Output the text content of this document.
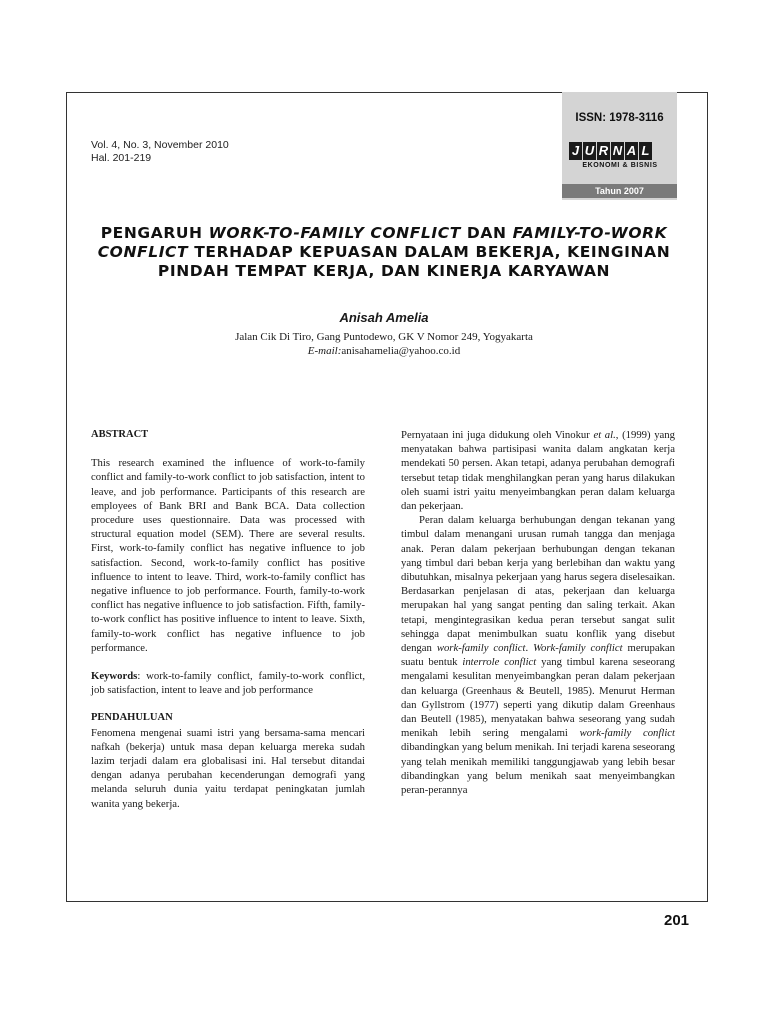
ISSN: 1978-3116
J U R N A L
EKONOMI & BISNIS
Tahun 2007
Vol. 4, No. 3, November 2010
Hal. 201-219
PENGARUH WORK-TO-FAMILY CONFLICT DAN FAMILY-TO-WORK CONFLICT TERHADAP KEPUASAN DALAM BEKERJA, KEINGINAN PINDAH TEMPAT KERJA, DAN KINERJA KARYAWAN
Anisah Amelia
Jalan Cik Di Tiro, Gang Puntodewo, GK V Nomor 249, Yogyakarta
E-mail:anisahamelia@yahoo.co.id

ABSTRACT

This research examined the influence of work-to-family conflict and family-to-work conflict to job satisfaction, intent to leave, and job performance. Participants of this research are employees of Bank BRI and Bank BCA. Data collection procedure uses questionnaire. Data was processed with structural equation model (SEM). There are several results. First, work-to-family conflict has negative influence to job satisfaction. Second, work-to-family conflict has positive influence to intent to leave. Third, work-to-family conflict has negative influence to job performance. Fourth, family-to-work conflict has negative influence to job satisfaction. Fifth, family-to-work conflict has positive influence to intent to leave. Sixth, family-to-work conflict has negative influence to job performance.

Keywords: work-to-family conflict, family-to-work conflict, job satisfaction, intent to leave and job performance

PENDAHULUAN

Fenomena mengenai suami istri yang bersama-sama mencari nafkah (bekerja) untuk masa depan keluarga mereka sudah lazim terjadi dalam era globalisasi ini. Hal tersebut ditandai dengan adanya perubahan kecenderungan demografi yang melanda seluruh dunia yaitu terdapat peningkatan jumlah wanita yang bekerja.

Pernyataan ini juga didukung oleh Vinokur et al., (1999) yang menyatakan bahwa partisipasi wanita dalam angkatan kerja mendekati 50 persen. Akan tetapi, adanya perubahan demografi tersebut tetap tidak menghilangkan peran yang harus dilakukan oleh suami istri yaitu menyeimbangkan peran dalam keluarga dan pekerjaan.

Peran dalam keluarga berhubungan dengan tekanan yang timbul dalam menangani urusan rumah tangga dan menjaga anak. Peran dalam pekerjaan berhubungan dengan tekanan yang timbul dari beban kerja yang berlebihan dan waktu yang dibutuhkan, misalnya pekerjaan yang harus segera diselesaikan. Berdasarkan penjelasan di atas, pekerjaan dan keluarga merupakan hal yang sangat penting dan saling terkait. Akan tetapi, mengintegrasikan kedua peran tersebut sangat sulit sehingga dapat menimbulkan suatu konflik yang disebut dengan work-family conflict. Work-family conflict merupakan suatu bentuk interrole conflict yang timbul karena seseorang mengalami kesulitan menyeimbangkan peran dalam pekerjaan dan keluarga (Greenhaus & Beutell, 1985). Menurut Herman dan Gyllstrom (1977) seperti yang dikutip dalam Greenhaus dan Beutell (1985), menyatakan bahwa seseorang yang sudah menikah lebih sering mengalami work-family conflict dibandingkan yang belum menikah. Ini terjadi karena seseorang yang telah menikah memiliki tanggungjawab yang lebih besar dibandingkan yang belum menikah saat menyeimbangkan peran-perannya

201
